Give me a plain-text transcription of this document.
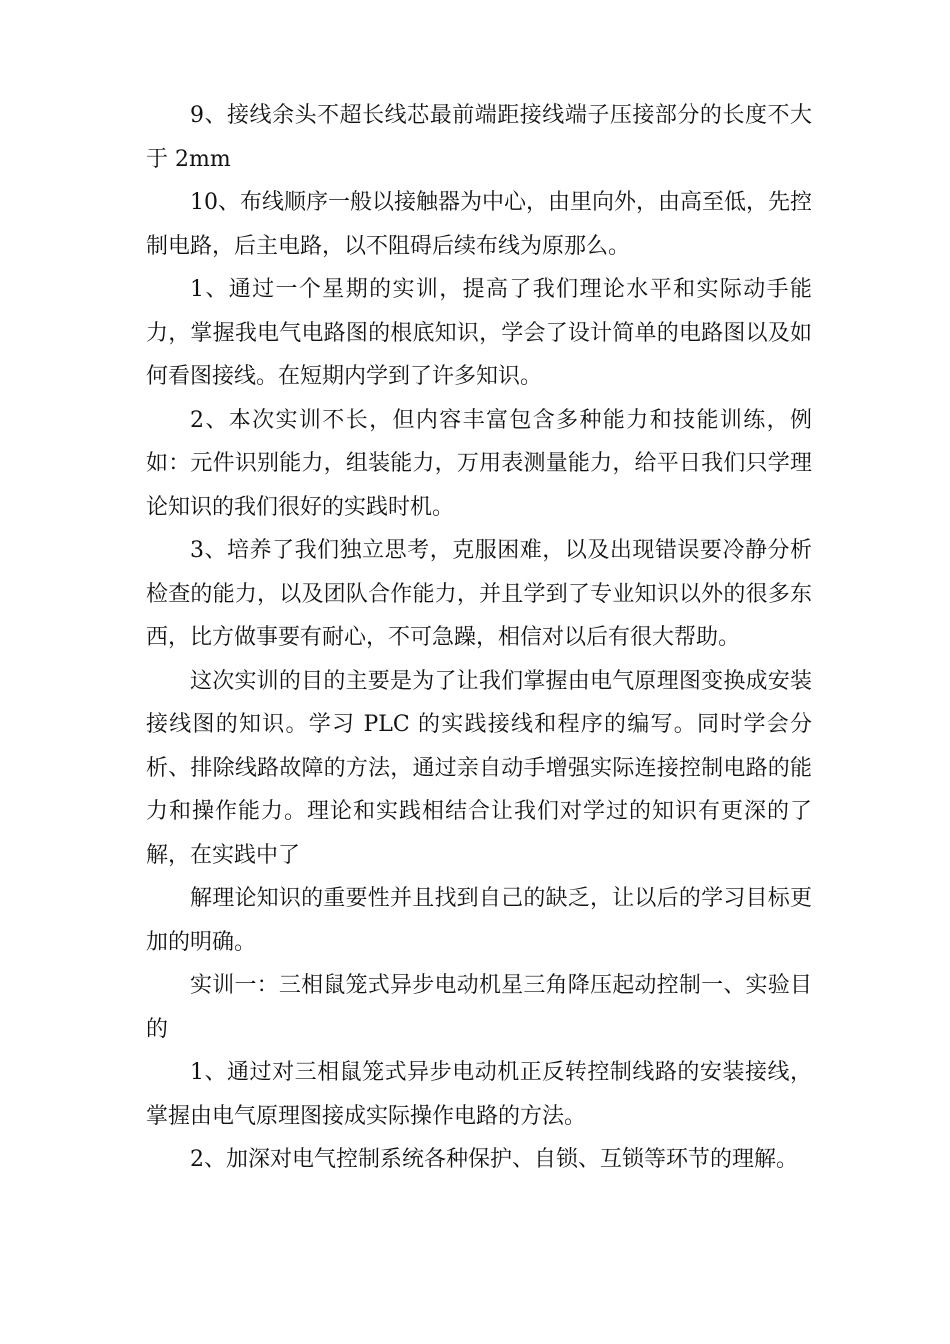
9、接线余头不超长线芯最前端距接线端子压接部分的长度不大于 2mm

10、布线顺序一般以接触器为中心，由里向外，由高至低，先控制电路，后主电路，以不阻碍后续布线为原那么。

1、通过一个星期的实训，提高了我们理论水平和实际动手能力，掌握我电气电路图的根底知识，学会了设计简单的电路图以及如何看图接线。在短期内学到了许多知识。

2、本次实训不长，但内容丰富包含多种能力和技能训练，例如：元件识别能力，组装能力，万用表测量能力，给平日我们只学理论知识的我们很好的实践时机。

3、培养了我们独立思考，克服困难，以及出现错误要冷静分析检查的能力，以及团队合作能力，并且学到了专业知识以外的很多东西，比方做事要有耐心，不可急躁，相信对以后有很大帮助。

这次实训的目的主要是为了让我们掌握由电气原理图变换成安装接线图的知识。学习 PLC 的实践接线和程序的编写。同时学会分析、排除线路故障的方法，通过亲自动手增强实际连接控制电路的能力和操作能力。理论和实践相结合让我们对学过的知识有更深的了解，在实践中了

解理论知识的重要性并且找到自己的缺乏，让以后的学习目标更加的明确。

实训一：三相鼠笼式异步电动机星三角降压起动控制一、实验目的

1、通过对三相鼠笼式异步电动机正反转控制线路的安装接线，掌握由电气原理图接成实际操作电路的方法。

2、加深对电气控制系统各种保护、自锁、互锁等环节的理解。
